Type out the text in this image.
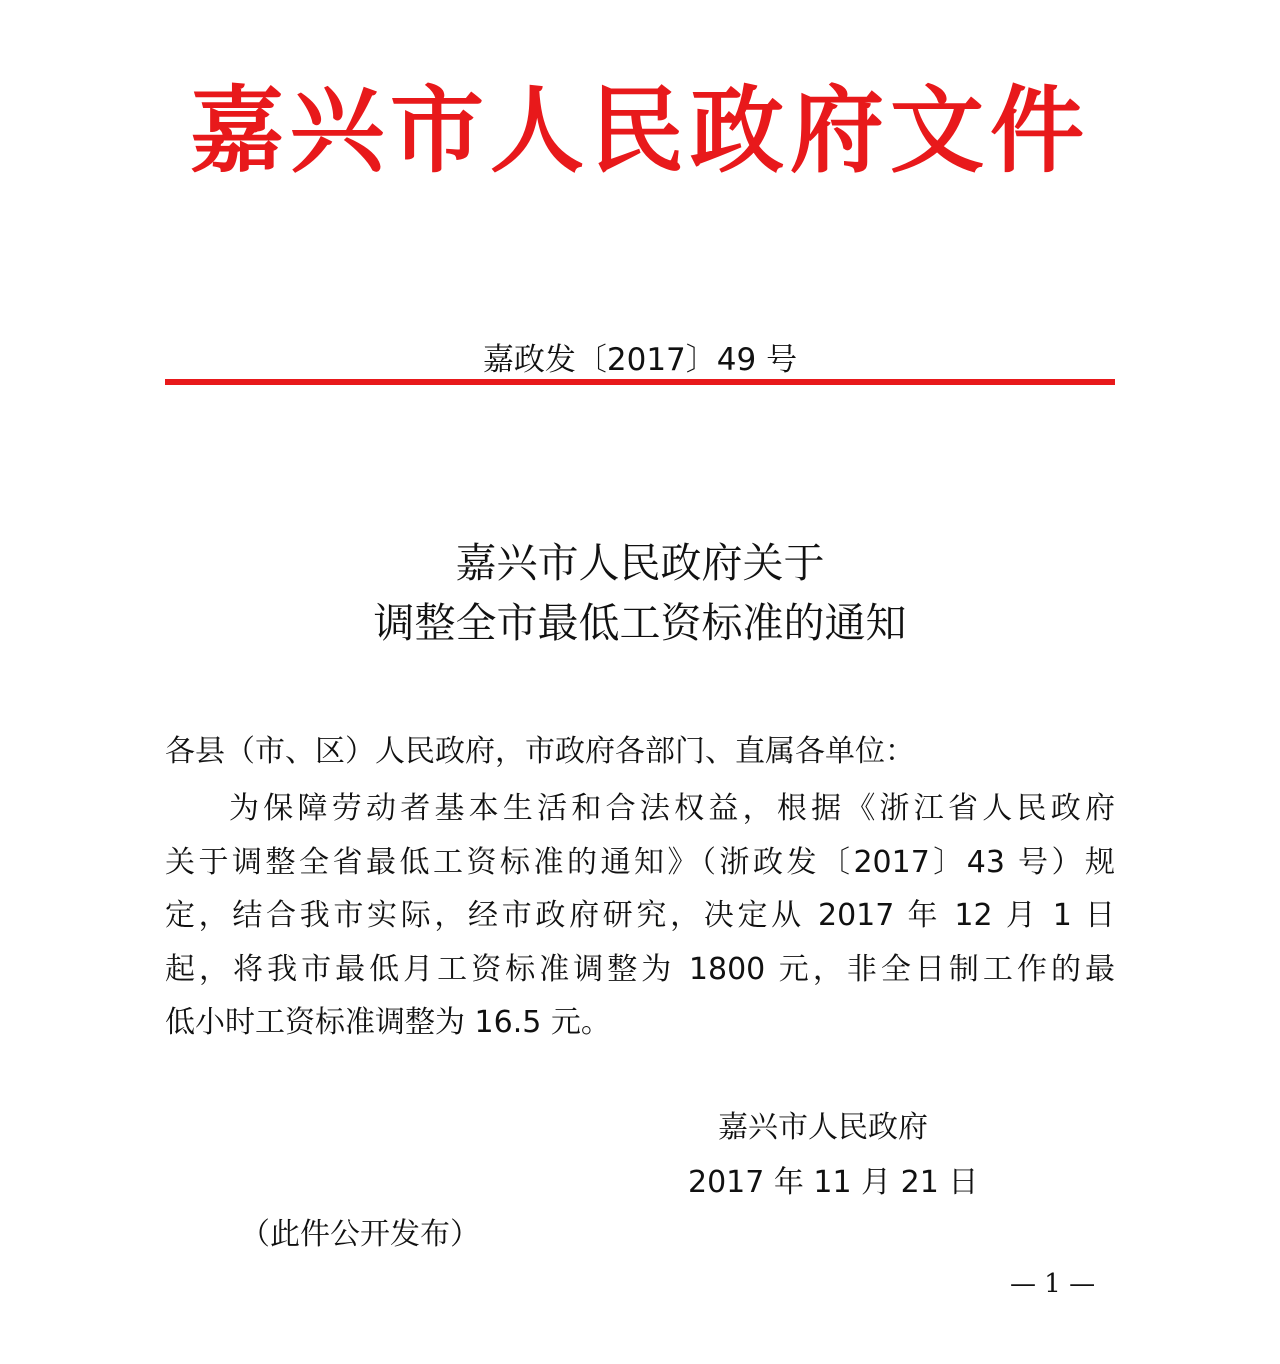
嘉兴市人民政府文件
嘉政发〔2017〕49 号
嘉兴市人民政府关于
调整全市最低工资标准的通知
各县（市、区）人民政府，市政府各部门、直属各单位：
为保障劳动者基本生活和合法权益，根据《浙江省人民政府
关于调整全省最低工资标准的通知》（浙政发〔2017〕43 号）规
定，结合我市实际，经市政府研究，决定从 2017 年 12 月 1 日
起，将我市最低月工资标准调整为 1800 元，非全日制工作的最
低小时工资标准调整为 16.5 元。
嘉兴市人民政府
2017 年 11 月 21 日
（此件公开发布）
— 1 —
